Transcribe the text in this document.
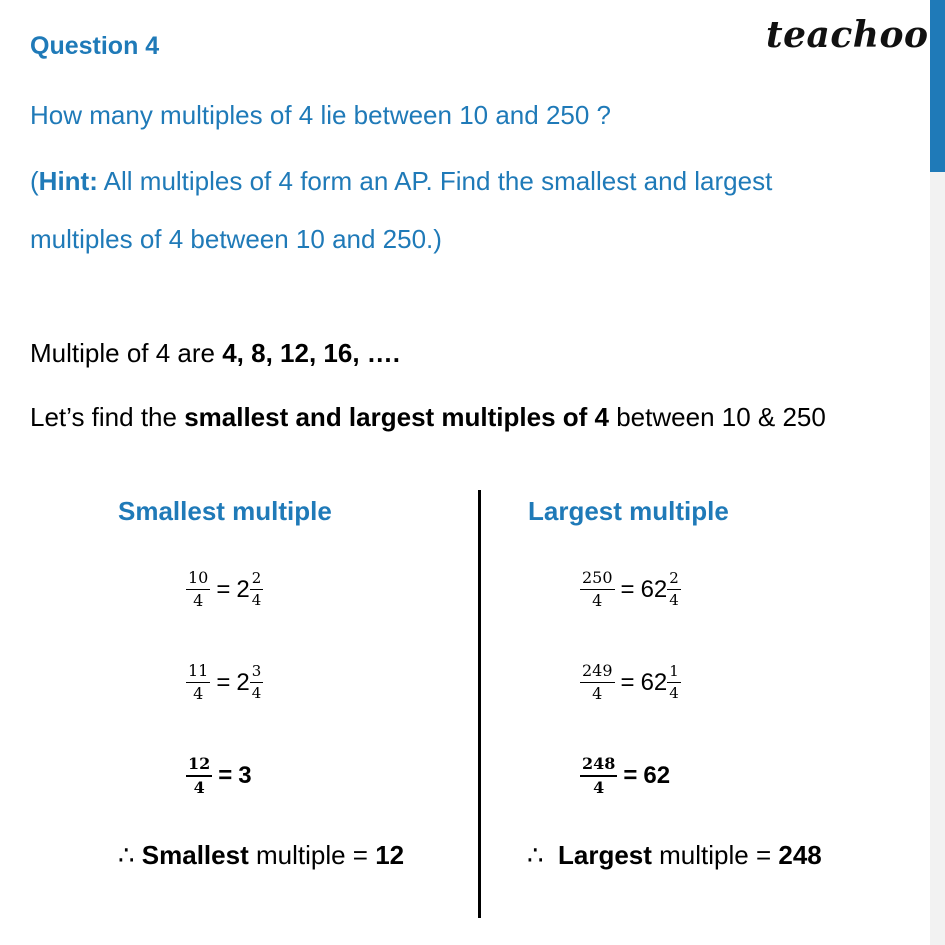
Question 4	teachoo
How many multiples of 4 lie between 10 and 250 ?
(Hint: All multiples of 4 form an AP. Find the smallest and largest
multiples of 4 between 10 and 250.)
Multiple of 4 are 4, 8, 12, 16, ….
Let’s find the smallest and largest multiples of 4 between 10 & 250
Smallest multiple	Largest multiple
$\frac{10}{4} = 2 \frac{2}{4}$
$\frac{11}{4} = 2 \frac{3}{4}$
$\frac{12}{4} = 3$
∴ Smallest multiple = 12
$\frac{250}{4} = 62 \frac{2}{4}$
$\frac{249}{4} = 62 \frac{1}{4}$
$\frac{248}{4} = 62$
∴ Largest multiple = 248
